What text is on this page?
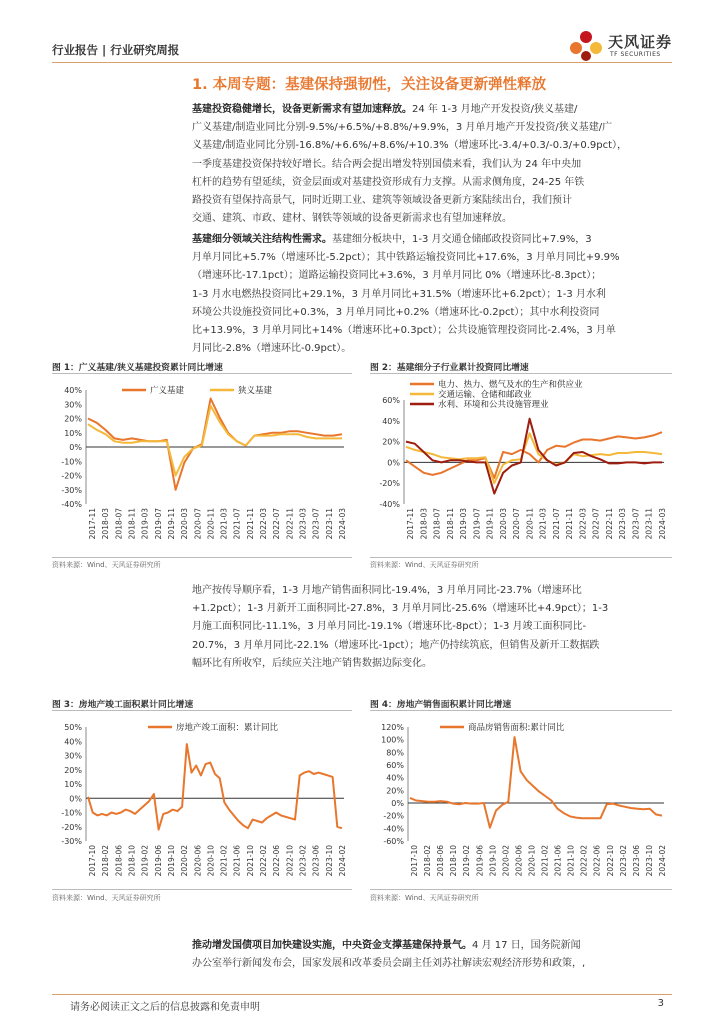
行业报告 | 行业研究周报	天风证券
TF SECURITIES
1. 本周专题：基建保持强韧性，关注设备更新弹性释放
基建投资稳健增长，设备更新需求有望加速释放。24 年 1-3 月地产开发投资/狭义基建/
广义基建/制造业同比分别-9.5%/+6.5%/+8.8%/+9.9%，3 月单月地产开发投资/狭义基建/广
义基建/制造业同比分别-16.8%/+6.6%/+8.6%/+10.3%（增速环比-3.4/+0.3/-0.3/+0.9pct），
一季度基建投资保持较好增长。结合两会提出增发特别国债来看，我们认为 24 年中央加
杠杆的趋势有望延续，资金层面或对基建投资形成有力支撑。从需求侧角度，24-25 年铁
路投资有望保持高景气，同时近期工业、建筑等领域设备更新方案陆续出台，我们预计
交通、建筑、市政、建材、钢铁等领域的设备更新需求也有望加速释放。
基建细分领域关注结构性需求。基建细分板块中，1-3 月交通仓储邮政投资同比+7.9%，3
月单月同比+5.7%（增速环比-5.2pct）；其中铁路运输投资同比+17.6%，3 月单月同比+9.9%
（增速环比-17.1pct）；道路运输投资同比+3.6%，3 月单月同比 0%（增速环比-8.3pct）；
1-3 月水电燃热投资同比+29.1%，3 月单月同比+31.5%（增速环比+6.2pct）；1-3 月水利
环境公共设施投资同比+0.3%，3 月单月同比+0.2%（增速环比-0.2pct）；其中水利投资同
比+13.9%，3 月单月同比+14%（增速环比+0.3pct）；公共设施管理投资同比-2.4%，3 月单
月同比-2.8%（增速环比-0.9pct）。
图 1：广义基建/狭义基建投资累计同比增速
40%
30%
20%
10%
0%
-10%
-20%
-30%
-40%
2017-11 2018-03 2018-07 2018-11 2019-03 2019-07 2019-11 2020-03 2020-07 2020-11 2021-03 2021-07 2021-11 2022-03 2022-07 2022-11 2023-03 2023-07 2023-11 2024-03
广义基建	狭义基建
资料来源：Wind、天风证券研究所
图 2：基建细分子行业累计投资同比增速
60%
40%
20%
0%
-20%
-40%
2017-11 2018-03 2018-07 2018-11 2019-03 2019-07 2019-11 2020-03 2020-07 2020-11 2021-03 2021-07 2021-11 2022-03 2022-07 2022-11 2023-03 2023-07 2023-11 2024-03
电力、热力、燃气及水的生产和供应业
交通运输、仓储和邮政业
水利、环境和公共设施管理业
资料来源：Wind、天风证券研究所
地产按传导顺序看，1-3 月地产销售面积同比-19.4%，3 月单月同比-23.7%（增速环比
+1.2pct）；1-3 月新开工面积同比-27.8%，3 月单月同比-25.6%（增速环比+4.9pct）；1-3
月施工面积同比-11.1%，3 月单月同比-19.1%（增速环比-8pct）；1-3 月竣工面积同比-
20.7%，3 月单月同比-22.1%（增速环比-1pct）；地产仍持续筑底，但销售及新开工数据跌
幅环比有所收窄，后续应关注地产销售数据边际变化。
图 3：房地产竣工面积累计同比增速
50%
40%
30%
20%
10%
0%
-10%
-20%
-30%
2017-10 2018-02 2018-06 2018-10 2019-02 2019-06 2019-10 2020-02 2020-06 2020-10 2021-02 2021-06 2021-10 2022-02 2022-06 2022-10 2023-02 2023-06 2023-10 2024-02
房地产竣工面积：累计同比
资料来源：Wind、天风证券研究所
图 4：房地产销售面积累计同比增速
120%
100%
80%
60%
40%
20%
0%
-20%
-40%
-60%
2017-10 2018-02 2018-06 2018-10 2019-02 2019-06 2019-10 2020-02 2020-06 2020-10 2021-02 2021-06 2021-10 2022-02 2022-06 2022-10 2023-02 2023-06 2023-10 2024-02
商品房销售面积:累计同比
资料来源：Wind、天风证券研究所
推动增发国债项目加快建设实施，中央资金支撑基建保持景气。4 月 17 日，国务院新闻
办公室举行新闻发布会，国家发展和改革委员会副主任刘苏社解读宏观经济形势和政策，,
请务必阅读正文之后的信息披露和免责申明	3
